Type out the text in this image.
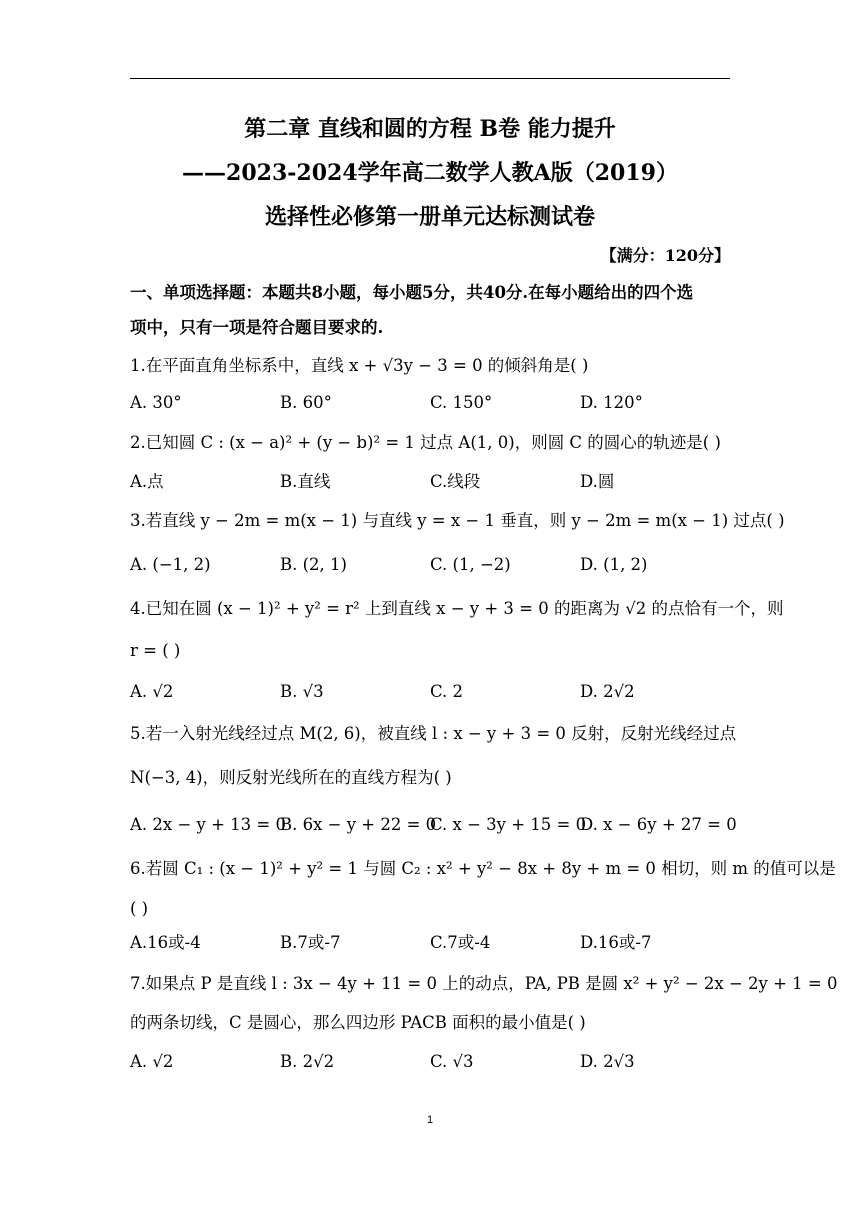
第二章 直线和圆的方程 B卷 能力提升
——2023-2024学年高二数学人教A版（2019）
选择性必修第一册单元达标测试卷
【满分：120分】
一、单项选择题：本题共8小题，每小题5分，共40分.在每小题给出的四个选
项中，只有一项是符合题目要求的.
1.在平面直角坐标系中，直线 x + √3y − 3 = 0 的倾斜角是( )
A. 30°	B. 60°	C. 150°	D. 120°
2.已知圆 C : (x − a)² + (y − b)² = 1 过点 A(1, 0)，则圆 C 的圆心的轨迹是( )
A.点	B.直线	C.线段	D.圆
3.若直线 y − 2m = m(x − 1) 与直线 y = x − 1 垂直，则 y − 2m = m(x − 1) 过点( )
A. (−1, 2)	B. (2, 1)	C. (1, −2)	D. (1, 2)
4.已知在圆 (x − 1)² + y² = r² 上到直线 x − y + 3 = 0 的距离为 √2 的点恰有一个，则
r = ( )
A. √2	B. √3	C. 2	D. 2√2
5.若一入射光线经过点 M(2, 6)，被直线 l : x − y + 3 = 0 反射，反射光线经过点
N(−3, 4)，则反射光线所在的直线方程为( )
A. 2x − y + 13 = 0
B. 6x − y + 22 = 0
C. x − 3y + 15 = 0
D. x − 6y + 27 = 0
6.若圆 C₁ : (x − 1)² + y² = 1 与圆 C₂ : x² + y² − 8x + 8y + m = 0 相切，则 m 的值可以是
( )
A.16或-4	B.7或-7	C.7或-4	D.16或-7
7.如果点 P 是直线 l : 3x − 4y + 11 = 0 上的动点，PA, PB 是圆 x² + y² − 2x − 2y + 1 = 0
的两条切线，C 是圆心，那么四边形 PACB 面积的最小值是( )
A. √2	B. 2√2	C. √3	D. 2√3
1
